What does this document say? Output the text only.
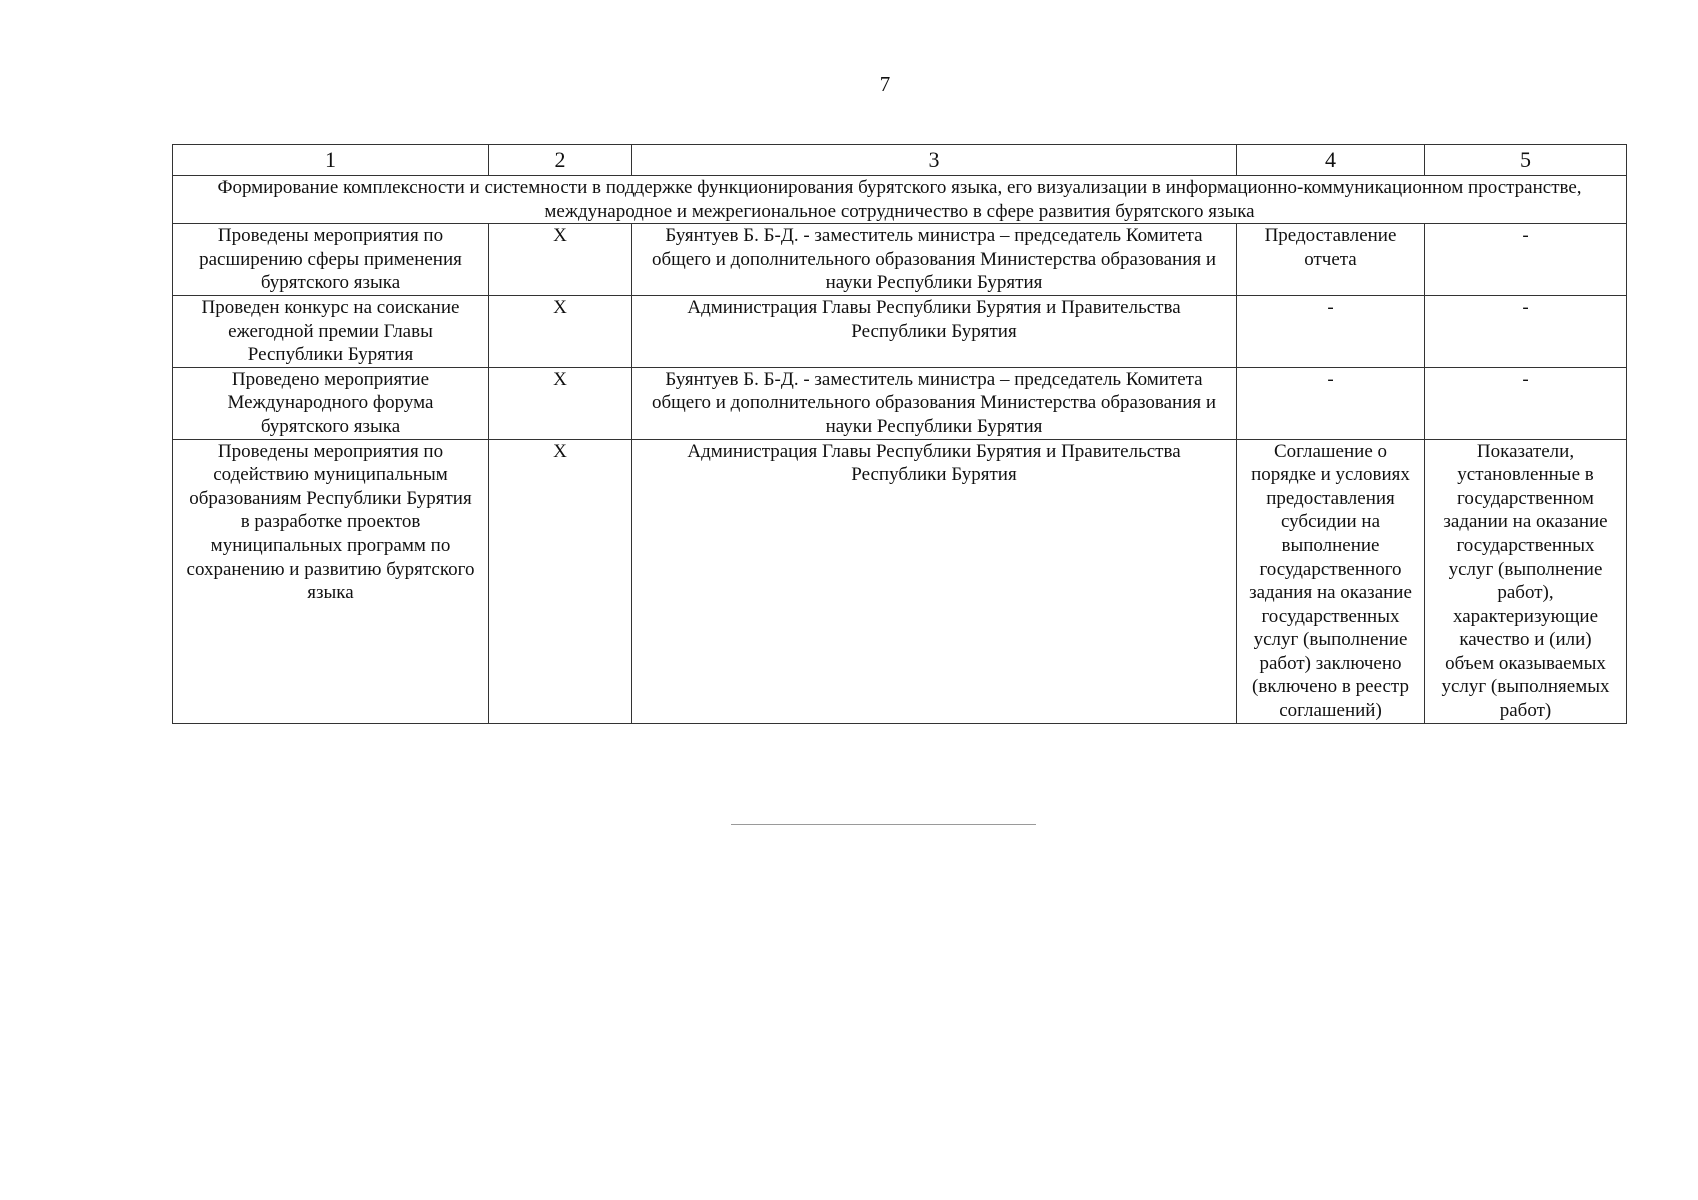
7
1	2	3	4	5
Формирование комплексности и системности в поддержке функционирования бурятского языка, его визуализации в информационно-коммуникационном пространстве, международное и межрегиональное сотрудничество в сфере развития бурятского языка				
Проведены мероприятия по расширению сферы применения бурятского языка	Х	Буянтуев Б. Б-Д. - заместитель министра – председатель Комитета общего и дополнительного образования Министерства образования и науки Республики Бурятия	Предоставление отчета	-
Проведен конкурс на соискание ежегодной премии Главы Республики Бурятия	Х	Администрация Главы Республики Бурятия и Правительства Республики Бурятия	-	-
Проведено мероприятие Международного форума бурятского языка	Х	Буянтуев Б. Б-Д. - заместитель министра – председатель Комитета общего и дополнительного образования Министерства образования и науки Республики Бурятия	-	-
Проведены мероприятия по содействию муниципальным образованиям Республики Бурятия в разработке проектов муниципальных программ по сохранению и развитию бурятского языка	Х	Администрация Главы Республики Бурятия и Правительства Республики Бурятия	Соглашение о порядке и условиях предоставления субсидии на выполнение государственного задания на оказание государственных услуг (выполнение работ) заключено (включено в реестр соглашений)	Показатели, установленные в государственном задании на оказание государственных услуг (выполнение работ), характеризующие качество и (или) объем оказываемых услуг (выполняемых работ)
